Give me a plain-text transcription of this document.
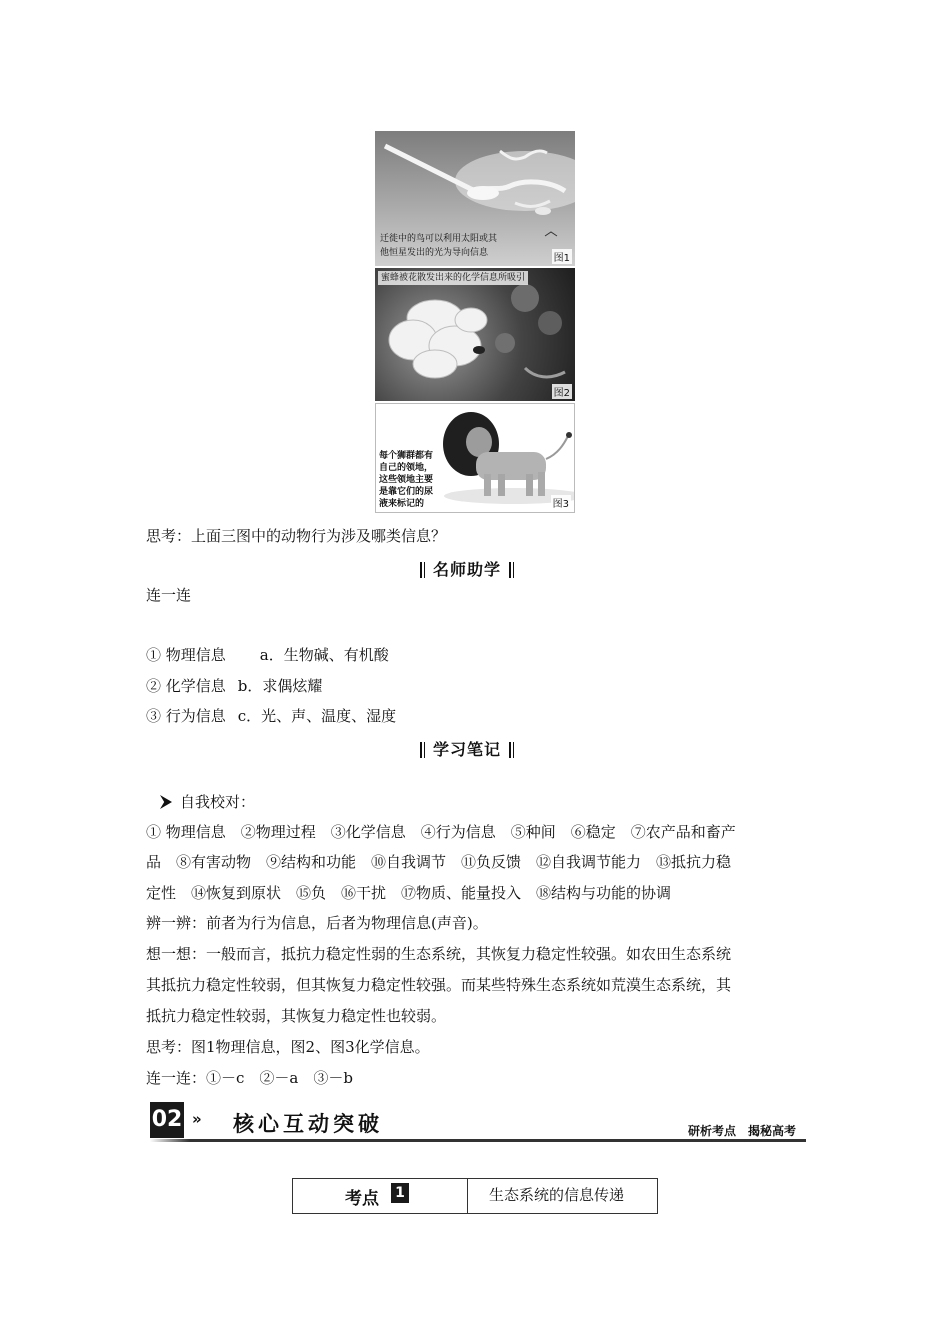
迁徙中的鸟可以利用太阳或其
他恒星发出的光为导向信息	图1
蜜蜂被花散发出来的化学信息所吸引
图2
每个狮群都有
自己的领地，
这些领地主要
是靠它们的尿
液来标记的	图3
思考：上面三图中的动物行为涉及哪类信息？
名师助学
连一连
① 物理信息 a．生物碱、有机酸
② 化学信息 b．求偶炫耀
③ 行为信息 c．光、声、温度、湿度
学习笔记
自我校对：
① 物理信息　②物理过程　③化学信息　④行为信息　⑤种间　⑥稳定　⑦农产品和畜产
品　⑧有害动物　⑨结构和功能　⑩自我调节　⑪负反馈　⑫自我调节能力　⑬抵抗力稳
定性　⑭恢复到原状　⑮负　⑯干扰　⑰物质、能量投入　⑱结构与功能的协调
辨一辨：前者为行为信息，后者为物理信息(声音)。
想一想：一般而言，抵抗力稳定性弱的生态系统，其恢复力稳定性较强。如农田生态系统
其抵抗力稳定性较弱，但其恢复力稳定性较强。而某些特殊生态系统如荒漠生态系统，其
抵抗力稳定性较弱，其恢复力稳定性也较弱。
思考：图1物理信息，图2、图3化学信息。
连一连：①－c　②－a　③－b
02 » 核心互动突破	研析考点　揭秘高考
考点 1	生态系统的信息传递
